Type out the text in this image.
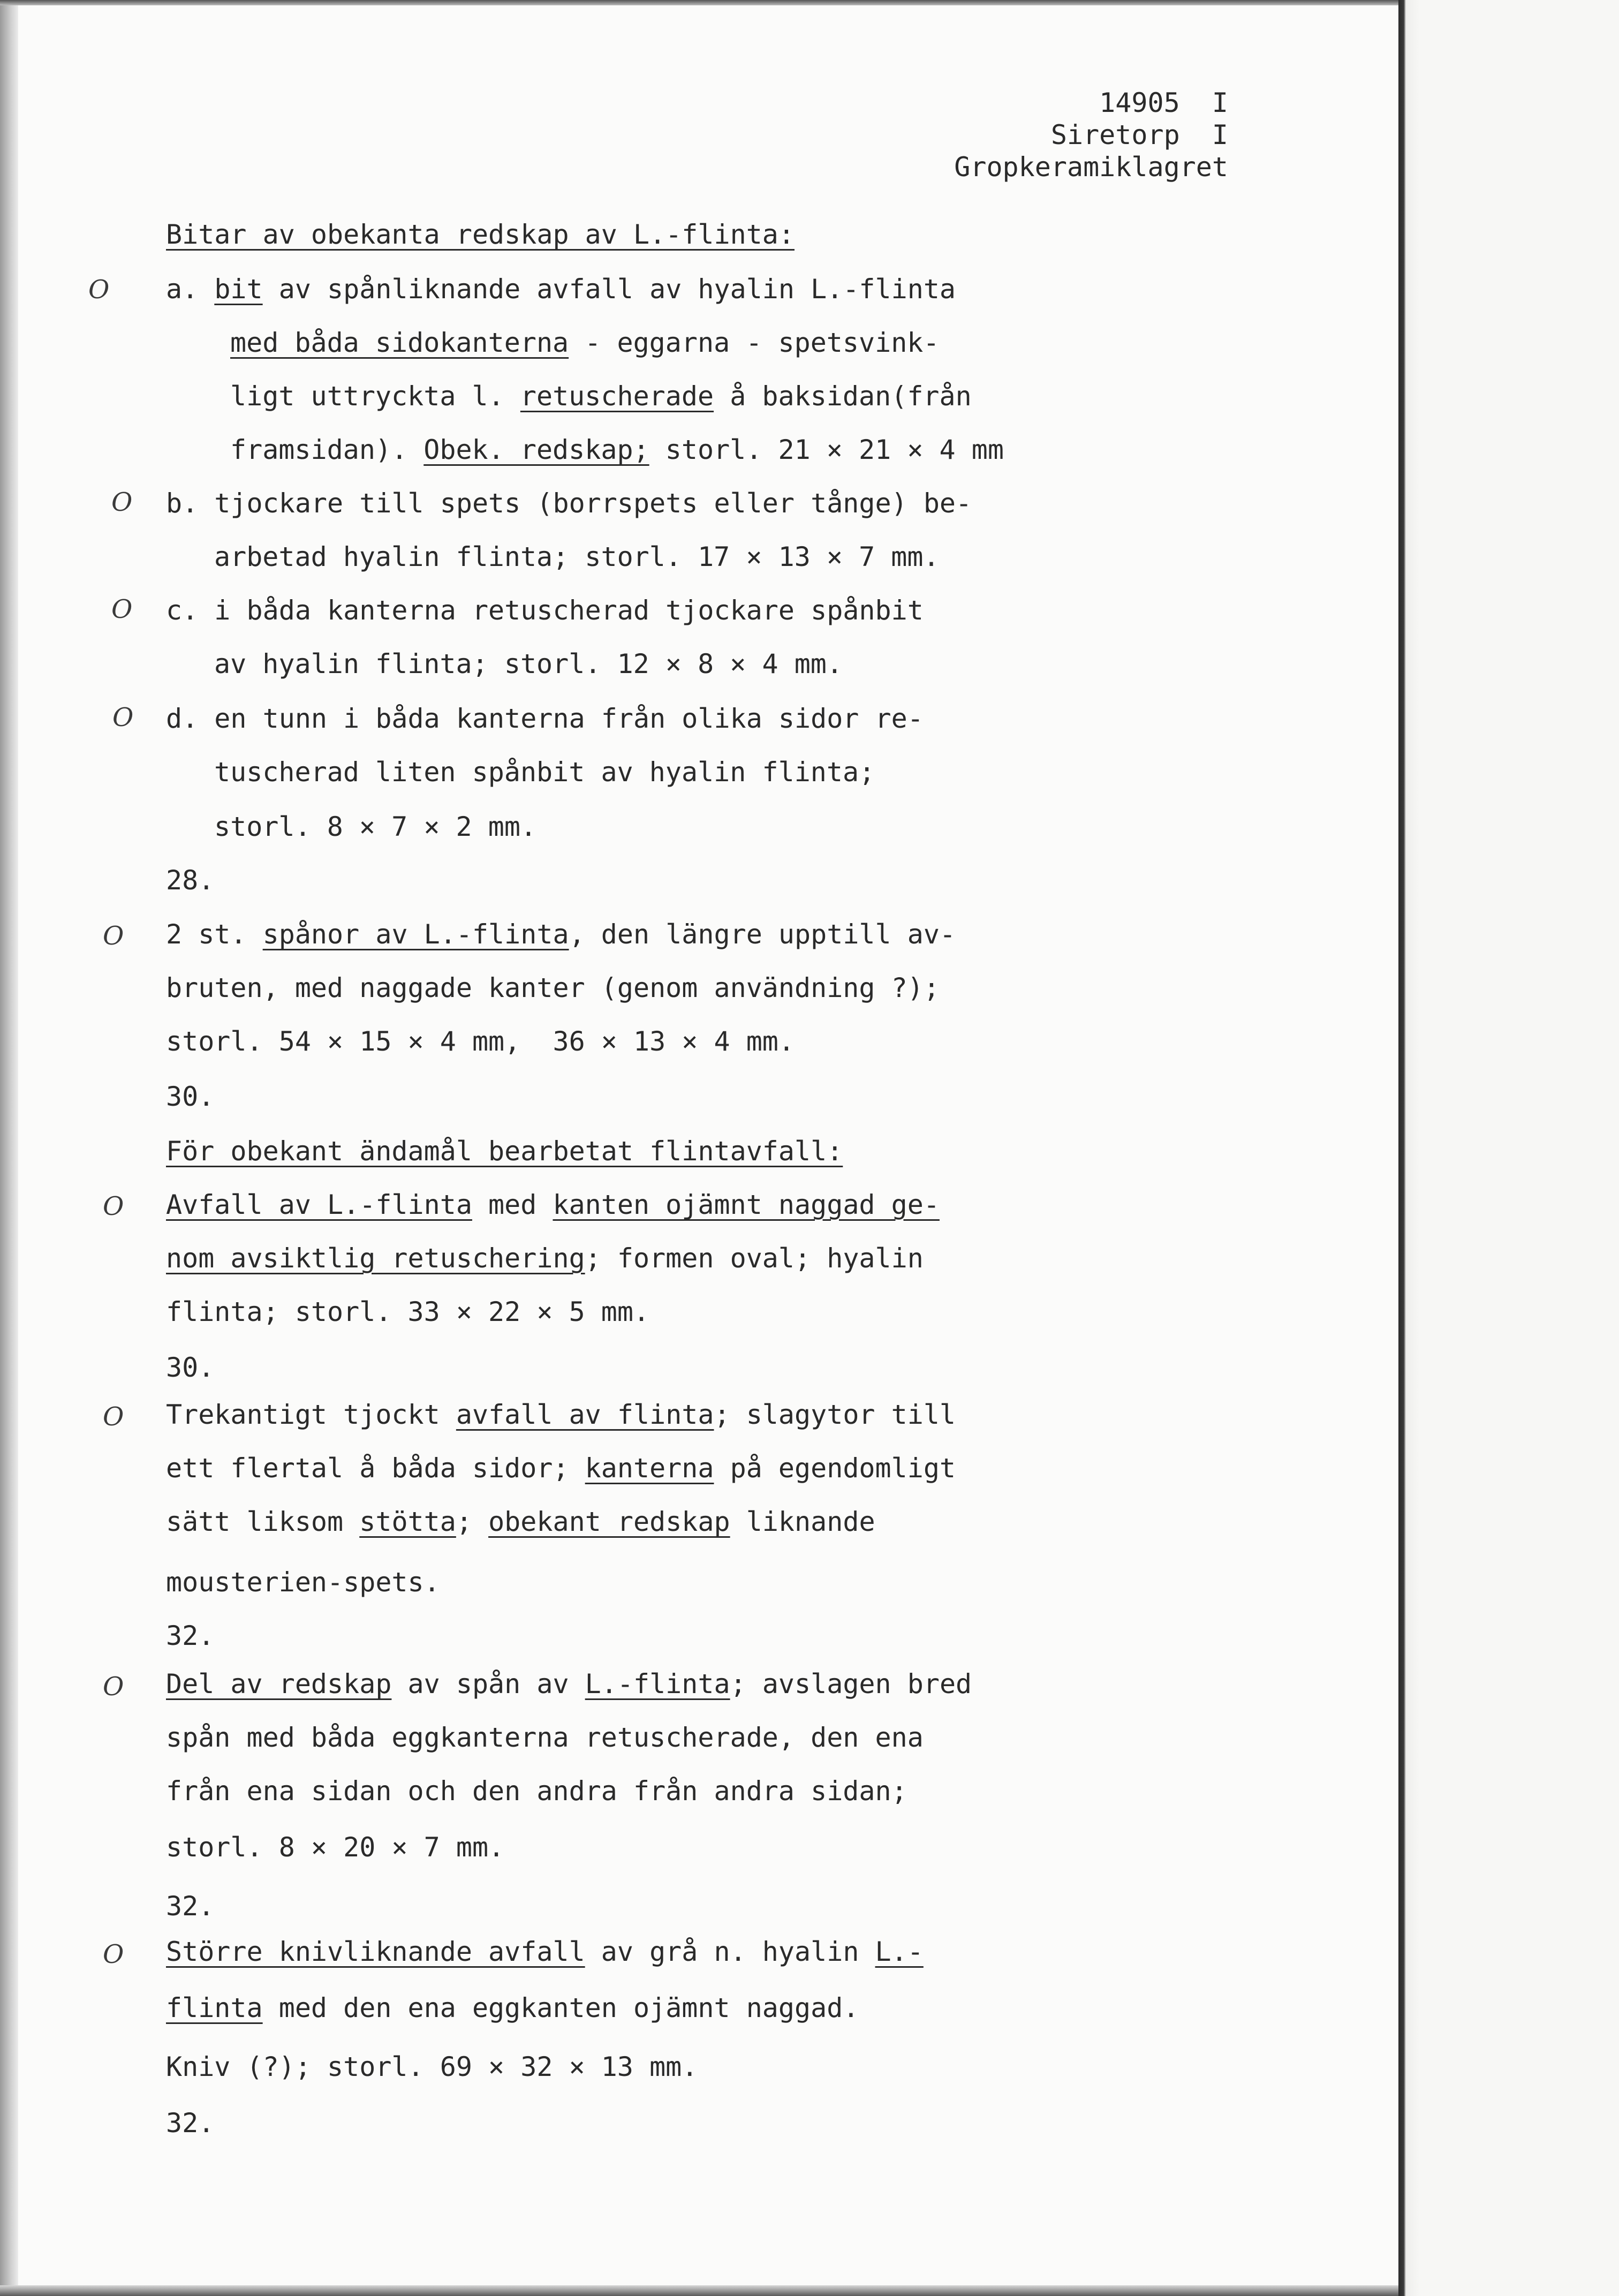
14905  I
Siretorp  I
Gropkeramiklagret
O
O
O
O
O
O
O
O
O
Bitar av obekanta redskap av L.-flinta:
a. bit av spånliknande avfall av hyalin L.-flinta
med båda sidokanterna - eggarna - spetsvink-
ligt uttryckta l. retuscherade å baksidan(från
framsidan). Obek. redskap; storl. 21 × 21 × 4 mm
b. tjockare till spets (borrspets eller tånge) be-
arbetad hyalin flinta; storl. 17 × 13 × 7 mm.
c. i båda kanterna retuscherad tjockare spånbit
av hyalin flinta; storl. 12 × 8 × 4 mm.
d. en tunn i båda kanterna från olika sidor re-
tuscherad liten spånbit av hyalin flinta;
storl. 8 × 7 × 2 mm.
28.
2 st. spånor av L.-flinta, den längre upptill av-
bruten, med naggade kanter (genom användning ?);
storl. 54 × 15 × 4 mm,  36 × 13 × 4 mm.
30.
För obekant ändamål bearbetat flintavfall:
Avfall av L.-flinta med kanten ojämnt naggad ge-
nom avsiktlig retuschering; formen oval; hyalin
flinta; storl. 33 × 22 × 5 mm.
30.
Trekantigt tjockt avfall av flinta; slagytor till
ett flertal å båda sidor; kanterna på egendomligt
sätt liksom stötta; obekant redskap liknande
mousterien-spets.
32.
Del av redskap av spån av L.-flinta; avslagen bred
spån med båda eggkanterna retuscherade, den ena
från ena sidan och den andra från andra sidan;
storl. 8 × 20 × 7 mm.
32.
Större knivliknande avfall av grå n. hyalin L.-
flinta med den ena eggkanten ojämnt naggad.
Kniv (?); storl. 69 × 32 × 13 mm.
32.
